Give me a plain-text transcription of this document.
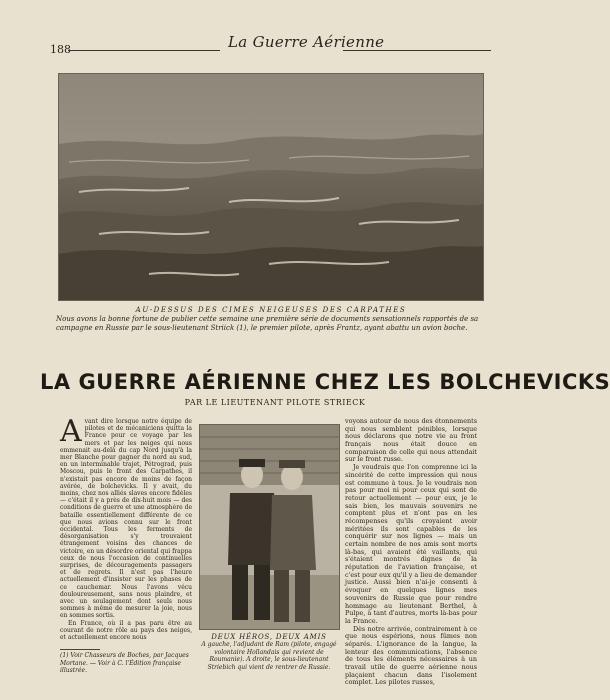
188	La Guerre Aérienne
AU-DESSUS DES CIMES NEIGEUSES DES CARPATHES
Nous avons la bonne fortune de publier cette semaine une première série de documents sensationnels rapportés de sa campagne en Russie par le sous-lieutenant Striick (1), le premier pilote, après Frantz, ayant abattu un avion boche.
LA GUERRE AÉRIENNE CHEZ LES BOLCHEVICKS
PAR LE LIEUTENANT PILOTE STRIECK
A vant dire lorsque notre équipe de pilotes et de mécaniciens quitta la France pour ce voyage par les mers et par les neiges qui nous emmenait au-delà du cap Nord jusqu'à la mer Blanche pour gagner du nord au sud, en un interminable trajet, Pétrograd, puis Moscou, puis le front des Carpathes, il n'existait pas encore de moins de façon avérée, de bolchevicks. Il y avait, du moins, chez nos alliés slaves encore fidèles — c'était il y a près de dix-huit mois — des conditions de guerre et une atmosphère de bataille essentiellement différente de ce que nous avions connu sur le front occidental. Tous les ferments de désorganisation s'y trouvaient étrangement voisins des chances de victoire, en un désordre oriental qui frappa ceux de nous l'occasion de continuelles surprises, de découragements passagers et de regrets. Il n'est pas l'heure actuellement d'insister sur les phases de ce cauchemar. Nous l'avons vécu douloureusement, sans nous plaindre, et avec un soulagement dont seuls nous sommes à même de mesurer la joie, nous en sommes sortis.

En France, où il a pas paru être au courant de notre rôle au pays des neiges, et actuellement encore nous

(1) Voir Chasseurs de Boches, par Jacques Mortane. — Voir à C. l'Édition française illustrée.
DEUX HÉROS, DEUX AMIS
A gauche, l'adjudant de Ram (pilote, engagé volontaire Hollandais qui revient de Roumanie). A droite, le sous-lieutenant Striebich qui vient de rentrer de Russie.

voyons autour de nous des étonnements qui nous semblent pénibles, lorsque nous déclarons que notre vie au front français nous était douce en comparaison de celle qui nous attendait sur le front russe.

Je voudrais que l'on comprenne ici la sincérité de cette impression qui nous est commune à tous. Je le voudrais non pas pour moi ni pour ceux qui sont de retour actuellement — pour eux, je le sais bien, les mauvais souvenirs ne comptent plus et n'ont pas en les récompenses qu'ils croyaient avoir méritées ils sont capables de les conquérir sur nos lignes — mais un certain nombre de nos amis sont morts là-bas, qui avaient été vaillants, qui s'étaient montrés dignes de la réputation de l'aviation française, et c'est pour eux qu'il y a lieu de demander justice. Aussi bien n'ai-je consenti à évoquer en quelques lignes mes souvenirs de Russie que pour rendre hommage au lieutenant Berthel, à Pulpe, à tant d'autres, morts là-bas pour la France.

Dès notre arrivée, contrairement à ce que nous espérions, nous fûmes non séparés. L'ignorance de la langue, la lenteur des communications, l'absence de tous les éléments nécessaires à un travail utile de guerre aérienne nous plaçaient chacun dans l'isolement complet. Les pilotes russes,
